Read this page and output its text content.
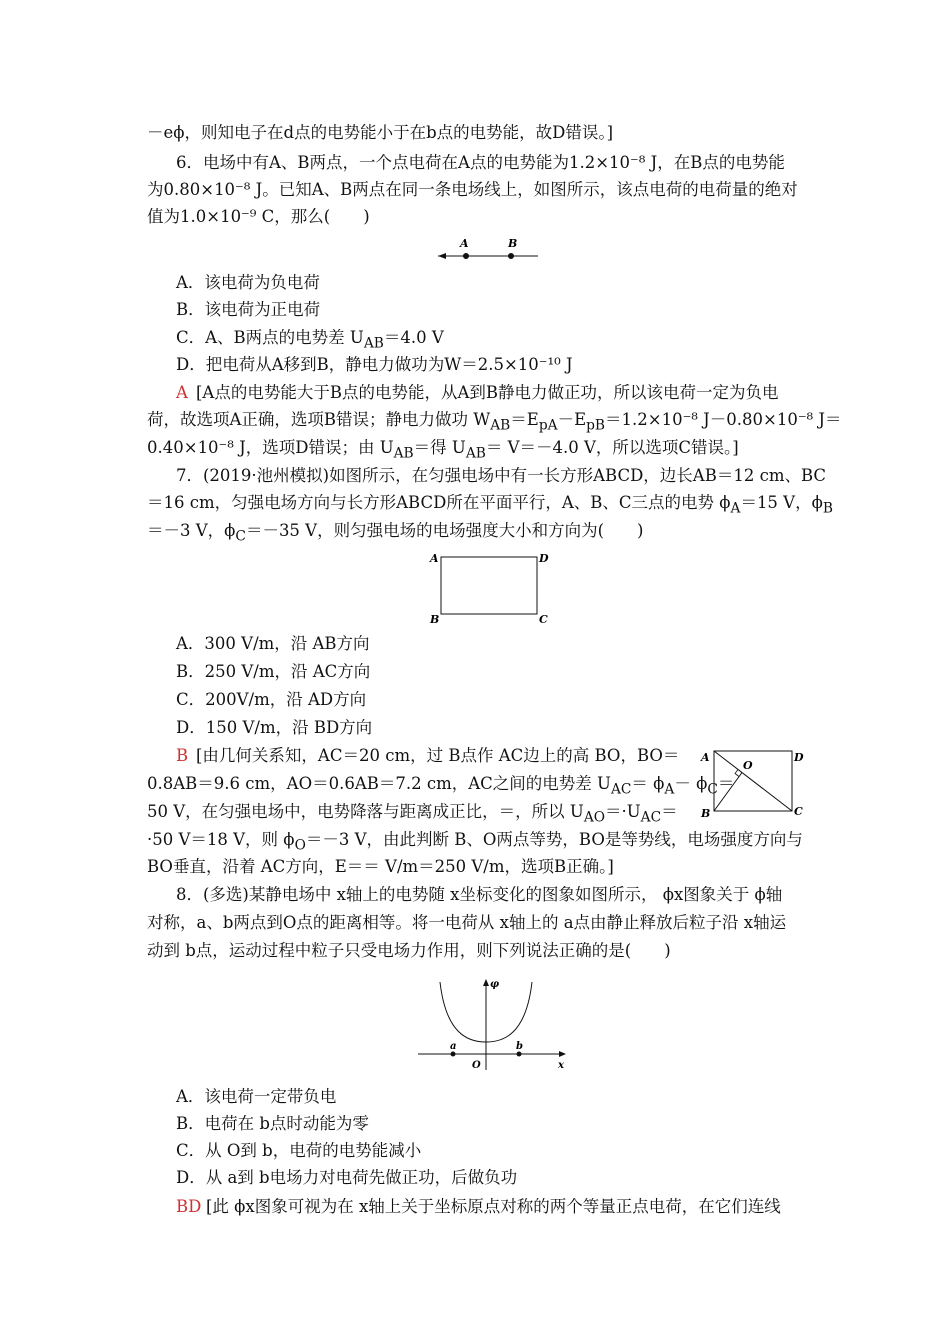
－eϕ，则知电子在d点的电势能小于在b点的电势能，故D错误。]
6．电场中有A、B两点，一个点电荷在A点的电势能为1.2×10⁻⁸ J，在B点的电势能
为0.80×10⁻⁸ J。已知A、B两点在同一条电场线上，如图所示，该点电荷的电荷量的绝对
值为1.0×10⁻⁹ C，那么(　　)
A	B
A．该电荷为负电荷
B．该电荷为正电荷
C．A、B两点的电势差 $U_{AB}=4.0$ V
D．把电荷从A移到B，静电力做功为W＝2.5×10⁻¹⁰ J
A [A点的电势能大于B点的电势能，从A到B静电力做正功，所以该电荷一定为负电
荷，故选项A正确，选项B错误；静电力做功 $W_{AB}=E_{pA}-E_{pB}=1.2\times 10^{-8}$ J－0.80×10⁻⁸ J＝
0.40×10⁻⁸ J，选项D错误；由 $U_{AB}=$得 $U_{AB}= V=-4.0$ V，所以选项C错误。]
7．(2019·池州模拟)如图所示，在匀强电场中有一长方形ABCD，边长AB＝12 cm、BC
＝16 cm，匀强电场方向与长方形ABCD所在平面平行，A、B、C三点的电势 $\phi_A=15$ V，$\phi_B$
＝－3 V，$\phi_C=-35$ V，则匀强电场的电场强度大小和方向为(　　)
A	D
B	C
A．300 V/m，沿 AB方向
B．250 V/m，沿 AC方向
C．200V/m，沿 AD方向
D．150 V/m，沿 BD方向
B [由几何关系知，AC＝20 cm，过 B点作 AC边上的高 BO，BO＝
0.8AB＝9.6 cm，AO＝0.6AB＝7.2 cm，AC之间的电势差 $U_{AC}= \phi_A- \phi_C=$
50 V，在匀强电场中，电势降落与距离成正比，＝，所以 $U_{AO}=\cdot U_{AC}=$
·50 V＝18 V，则 $\phi_O=-3$ V，由此判断 B、O两点等势，BO是等势线，电场强度方向与
BO垂直，沿着 AC方向，E＝＝ V/m＝250 V/m，选项B正确。]
A	D
O
B	C
8．(多选)某静电场中 x轴上的电势随 x坐标变化的图象如图所示， ϕx图象关于 ϕ轴
对称，a、b两点到O点的距离相等。将一电荷从 x轴上的 a点由静止释放后粒子沿 x轴运
动到 b点，运动过程中粒子只受电场力作用，则下列说法正确的是(　　)
φ
a	b
O	x
A．该电荷一定带负电
B．电荷在 b点时动能为零
C．从 O到 b，电荷的电势能减小
D．从 a到 b电场力对电荷先做正功，后做负功
BD [此 ϕx图象可视为在 x轴上关于坐标原点对称的两个等量正点电荷，在它们连线
